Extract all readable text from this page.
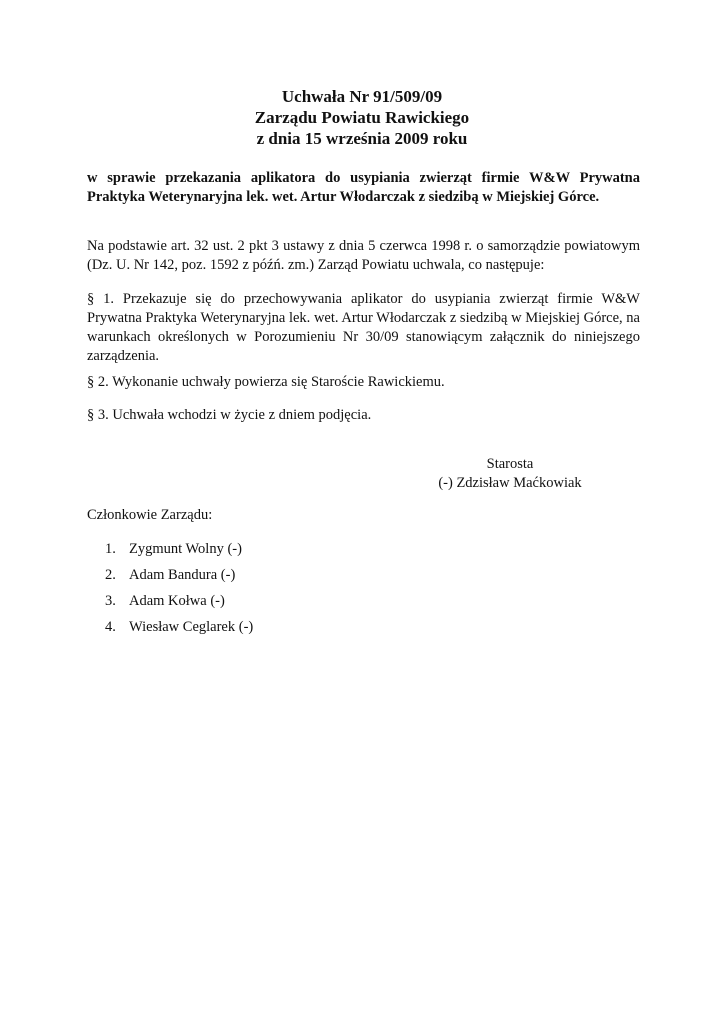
Uchwała Nr 91/509/09
Zarządu Powiatu Rawickiego
z dnia 15 września 2009 roku
w sprawie przekazania aplikatora do usypiania zwierząt firmie W&W Prywatna Praktyka Weterynaryjna lek. wet. Artur Włodarczak z siedzibą w Miejskiej Górce.
Na podstawie art. 32 ust. 2 pkt 3 ustawy z dnia 5 czerwca 1998 r. o samorządzie powiatowym (Dz. U. Nr 142, poz. 1592 z późń. zm.) Zarząd Powiatu uchwala, co następuje:
§ 1. Przekazuje się do przechowywania aplikator do usypiania zwierząt firmie W&W Prywatna Praktyka Weterynaryjna lek. wet. Artur Włodarczak z siedzibą w Miejskiej Górce, na warunkach określonych w Porozumieniu Nr 30/09 stanowiącym załącznik do niniejszego zarządzenia.
§ 2. Wykonanie uchwały powierza się Staroście Rawickiemu.
§ 3. Uchwała wchodzi w życie z dniem podjęcia.
Starosta
(-) Zdzisław Maćkowiak
Członkowie Zarządu:
1. Zygmunt Wolny (-)
2. Adam Bandura (-)
3. Adam Kołwa (-)
4. Wiesław Ceglarek (-)
